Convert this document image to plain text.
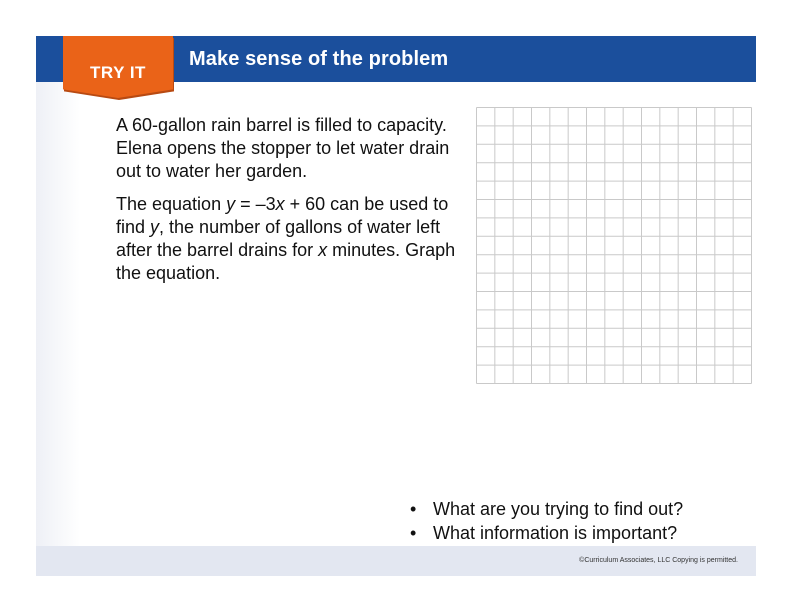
Make sense of the problem
TRY IT

A 60-gallon rain barrel is filled to capacity. Elena opens the stopper to let water drain out to water her garden.

The equation y = –3x + 60 can be used to find y, the number of gallons of water left after the barrel drains for x minutes. Graph the equation.

• What are you trying to find out?
• What information is important?
©Curriculum Associates, LLC Copying is permitted.
